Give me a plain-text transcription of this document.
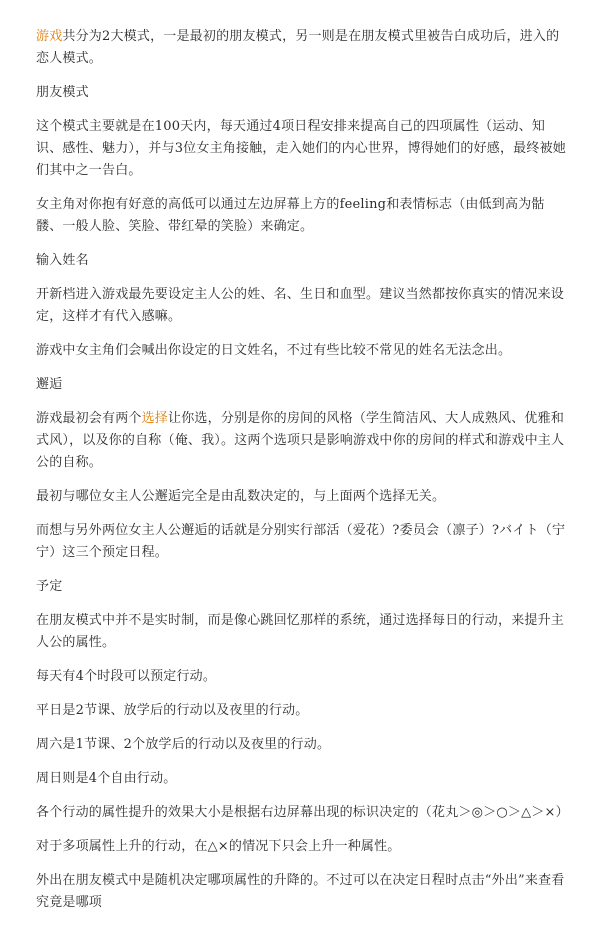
游戏共分为2大模式，一是最初的朋友模式，另一则是在朋友模式里被告白成功后，进入的恋人模式。

朋友模式

这个模式主要就是在100天内，每天通过4项日程安排来提高自己的四项属性（运动、知识、感性、魅力），并与3位女主角接触，走入她们的内心世界，博得她们的好感，最终被她们其中之一告白。

女主角对你抱有好意的高低可以通过左边屏幕上方的feeling和表情标志（由低到高为骷髅、一般人脸、笑脸、带红晕的笑脸）来确定。

输入姓名

开新档进入游戏最先要设定主人公的姓、名、生日和血型。建议当然都按你真实的情况来设定，这样才有代入感嘛。

游戏中女主角们会喊出你设定的日文姓名，不过有些比较不常见的姓名无法念出。

邂逅

游戏最初会有两个选择让你选，分别是你的房间的风格（学生简洁风、大人成熟风、优雅和式风），以及你的自称（俺、我）。这两个选项只是影响游戏中你的房间的样式和游戏中主人公的自称。

最初与哪位女主人公邂逅完全是由乱数决定的，与上面两个选择无关。

而想与另外两位女主人公邂逅的话就是分别实行部活（爱花）?委员会（凛子）?バイト（宁宁）这三个预定日程。

予定

在朋友模式中并不是实时制，而是像心跳回忆那样的系统，通过选择每日的行动，来提升主人公的属性。

每天有4个时段可以预定行动。

平日是2节课、放学后的行动以及夜里的行动。

周六是1节课、2个放学后的行动以及夜里的行动。

周日则是4个自由行动。

各个行动的属性提升的效果大小是根据右边屏幕出现的标识决定的（花丸＞◎＞○＞△＞×）

对于多项属性上升的行动，在△×的情况下只会上升一种属性。

外出在朋友模式中是随机决定哪项属性的升降的。不过可以在决定日程时点击“外出”来查看究竟是哪项
